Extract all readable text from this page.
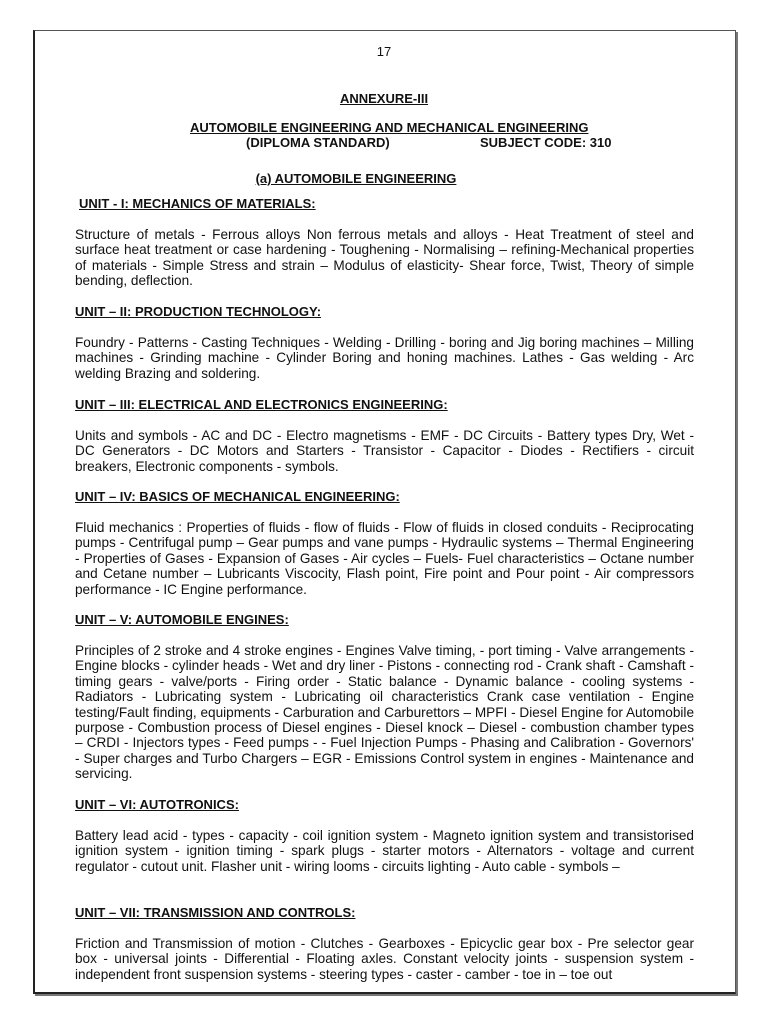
17
ANNEXURE-III
AUTOMOBILE ENGINEERING AND MECHANICAL ENGINEERING
(DIPLOMA STANDARD)	SUBJECT CODE: 310
(a) AUTOMOBILE ENGINEERING
UNIT - I: MECHANICS OF MATERIALS:

Structure of metals - Ferrous alloys Non ferrous metals and alloys - Heat Treatment of steel and surface heat treatment or case hardening - Toughening - Normalising – refining-Mechanical properties of materials - Simple Stress and strain – Modulus of elasticity- Shear force, Twist, Theory of simple bending, deflection.

UNIT – II: PRODUCTION TECHNOLOGY:

Foundry - Patterns - Casting Techniques - Welding - Drilling - boring and Jig boring machines – Milling machines - Grinding machine - Cylinder Boring and honing machines. Lathes - Gas welding - Arc welding Brazing and soldering.

UNIT – III: ELECTRICAL AND ELECTRONICS ENGINEERING:

Units and symbols - AC and DC - Electro magnetisms - EMF - DC Circuits - Battery types Dry, Wet - DC Generators - DC Motors and Starters - Transistor - Capacitor - Diodes - Rectifiers - circuit breakers, Electronic components - symbols.

UNIT – IV: BASICS OF MECHANICAL ENGINEERING:

Fluid mechanics : Properties of fluids - flow of fluids - Flow of fluids in closed conduits - Reciprocating pumps - Centrifugal pump – Gear pumps and vane pumps - Hydraulic systems – Thermal Engineering - Properties of Gases - Expansion of Gases - Air cycles – Fuels- Fuel characteristics – Octane number and Cetane number – Lubricants Viscocity, Flash point, Fire point and Pour point - Air compressors performance - IC Engine performance.

UNIT – V: AUTOMOBILE ENGINES:

Principles of 2 stroke and 4 stroke engines - Engines Valve timing, - port timing - Valve arrangements - Engine blocks - cylinder heads - Wet and dry liner - Pistons - connecting rod - Crank shaft - Camshaft - timing gears - valve/ports - Firing order - Static balance - Dynamic balance - cooling systems - Radiators - Lubricating system - Lubricating oil characteristics Crank case ventilation - Engine testing/Fault finding, equipments - Carburation and Carburettors – MPFI - Diesel Engine for Automobile purpose - Combustion process of Diesel engines - Diesel knock – Diesel - combustion chamber types – CRDI - Injectors types - Feed pumps - - Fuel Injection Pumps - Phasing and Calibration - Governors' - Super charges and Turbo Chargers – EGR - Emissions Control system in engines - Maintenance and servicing.

UNIT – VI: AUTOTRONICS:

Battery lead acid - types - capacity - coil ignition system - Magneto ignition system and transistorised ignition system - ignition timing - spark plugs - starter motors - Alternators - voltage and current regulator - cutout unit. Flasher unit - wiring looms - circuits lighting - Auto cable - symbols –

UNIT – VII: TRANSMISSION AND CONTROLS:

Friction and Transmission of motion - Clutches - Gearboxes - Epicyclic gear box - Pre selector gear box - universal joints - Differential - Floating axles. Constant velocity joints - suspension system - independent front suspension systems - steering types - caster - camber - toe in – toe out
